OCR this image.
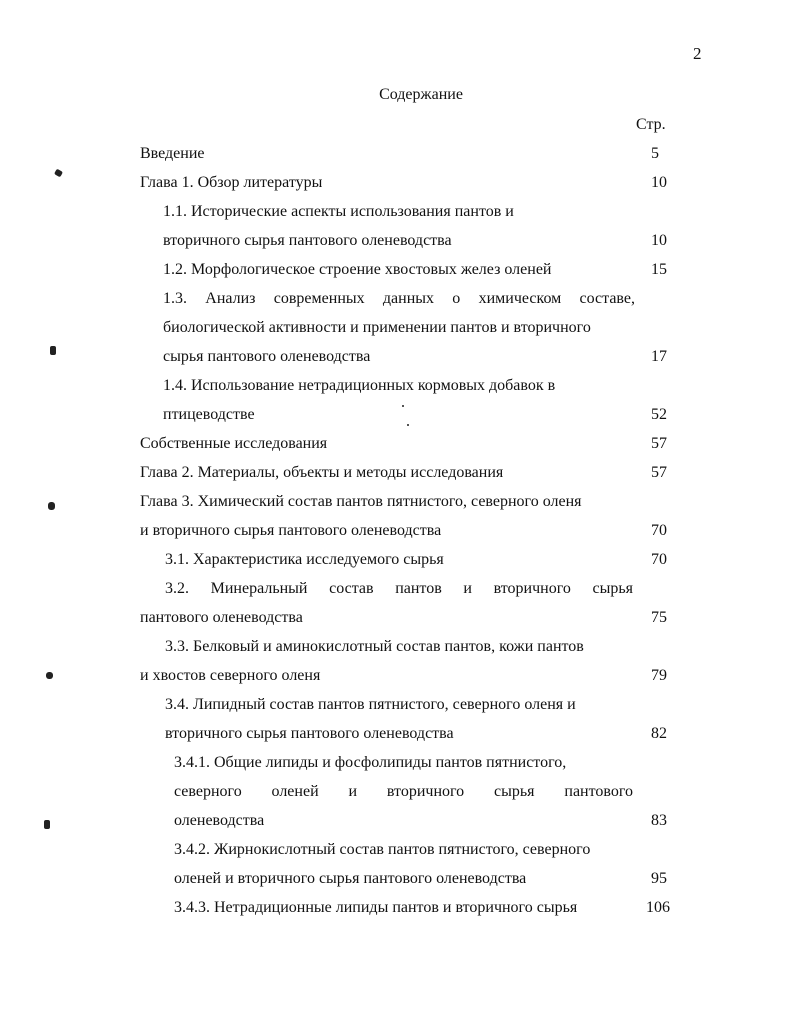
2
Содержание
Стр.
Введение	5
Глава 1. Обзор литературы	10
1.1. Исторические аспекты использования пантов и
вторичного сырья пантового оленеводства	10
1.2. Морфологическое строение хвостовых желез оленей	15
1.3. Анализ современных данных о химическом составе,
биологической активности и применении пантов и вторичного
сырья пантового оленеводства	17
1.4. Использование нетрадиционных кормовых добавок в
птицеводстве	52
Собственные исследования	57
Глава 2. Материалы, объекты и методы исследования	57
Глава 3. Химический состав пантов пятнистого, северного оленя
и вторичного сырья пантового оленеводства	70
3.1. Характеристика исследуемого сырья	70
3.2. Минеральный состав пантов и вторичного сырья
пантового оленеводства	75
3.3. Белковый и аминокислотный состав пантов, кожи пантов
и хвостов северного оленя	79
3.4. Липидный состав пантов пятнистого, северного оленя и
вторичного сырья пантового оленеводства	82
3.4.1. Общие липиды и фосфолипиды пантов пятнистого,
северного оленей и вторичного сырья пантового
оленеводства	83
3.4.2. Жирнокислотный состав пантов пятнистого, северного
оленей и вторичного сырья пантового оленеводства	95
3.4.3. Нетрадиционные липиды пантов и вторичного сырья	106
